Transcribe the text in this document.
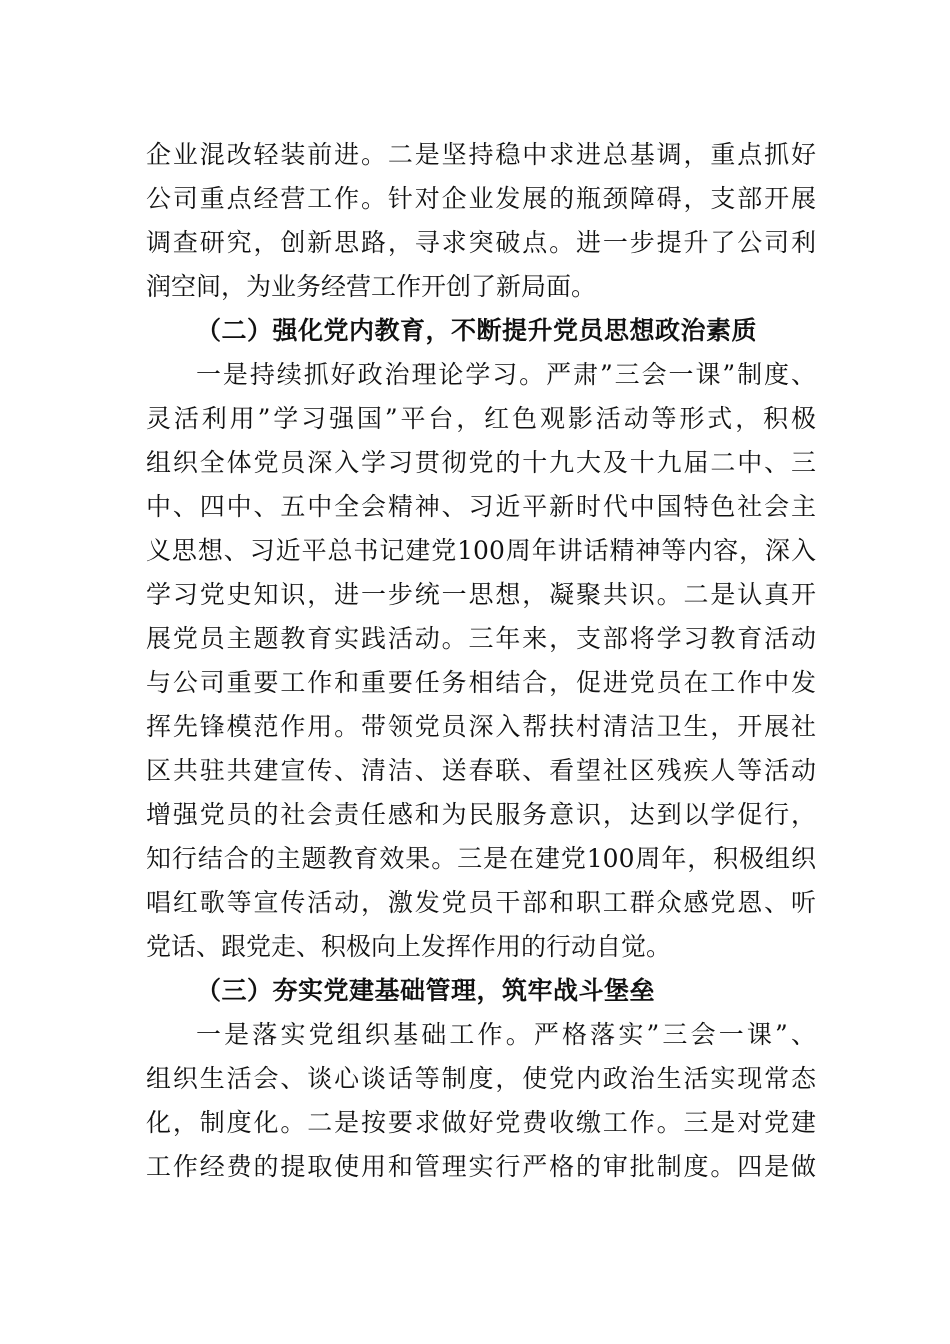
企业混改轻装前进。二是坚持稳中求进总基调，重点抓好
公司重点经营工作。针对企业发展的瓶颈障碍，支部开展
调查研究，创新思路，寻求突破点。进一步提升了公司利
润空间，为业务经营工作开创了新局面。
（二）强化党内教育，不断提升党员思想政治素质
一是持续抓好政治理论学习。严肃”三会一课”制度、
灵活利用”学习强国”平台，红色观影活动等形式，积极
组织全体党员深入学习贯彻党的十九大及十九届二中、三
中、四中、五中全会精神、习近平新时代中国特色社会主
义思想、习近平总书记建党100周年讲话精神等内容，深入
学习党史知识，进一步统一思想，凝聚共识。二是认真开
展党员主题教育实践活动。三年来，支部将学习教育活动
与公司重要工作和重要任务相结合，促进党员在工作中发
挥先锋模范作用。带领党员深入帮扶村清洁卫生，开展社
区共驻共建宣传、清洁、送春联、看望社区残疾人等活动
增强党员的社会责任感和为民服务意识，达到以学促行，
知行结合的主题教育效果。三是在建党100周年，积极组织
唱红歌等宣传活动，激发党员干部和职工群众感党恩、听
党话、跟党走、积极向上发挥作用的行动自觉。
（三）夯实党建基础管理，筑牢战斗堡垒
一是落实党组织基础工作。严格落实”三会一课”、
组织生活会、谈心谈话等制度，使党内政治生活实现常态
化，制度化。二是按要求做好党费收缴工作。三是对党建
工作经费的提取使用和管理实行严格的审批制度。四是做
